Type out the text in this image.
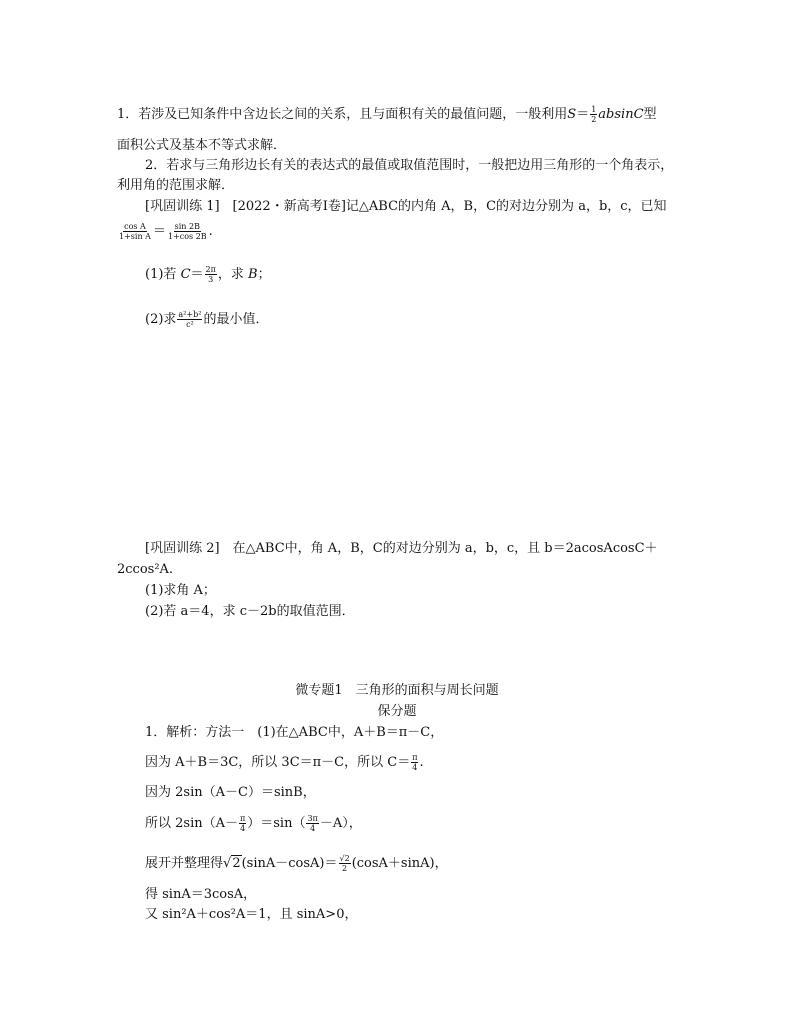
1．若涉及已知条件中含边长之间的关系，且与面积有关的最值问题，一般利用$S= \frac{1}{2}$ absinC型
面积公式及基本不等式求解．
2．若求与三角形边长有关的表达式的最值或取值范围时，一般把边用三角形的一个角表示，
利用角的范围求解．
[巩固训练 1]　[2022・新高考Ⅰ卷]记△ABC的内角 A，B，C的对边分别为 a，b，c，已知
$\frac{\text{cos A}}{\text{1+sin A}} = \frac{\sin 2B}{1+\cos 2B}$ .
(1)若 $C= \frac{2\pi}{3}$ ，求 B；
(2)求 $\frac{\text{a²+b²}}{\text{c²}}$ 的最小值．
[巩固训练 2]　在△ABC中，角 A，B，C的对边分别为 a，b，c，且 b＝2acosAcosC＋
2ccos²A.
(1)求角 A；
(2)若 a＝4，求 c－2b的取值范围．
微专题1　三角形的面积与周长问题
保分题
1．解析：方法一　(1)在△ABC中，A＋B＝π－C，
因为 A＋B＝3C，所以 3C＝π－C，所以 $C= \frac{\pi}{4}$ .
因为 2sin（A－C）＝sinB，
所以 $2\sin(A- \frac{\pi}{4} )=\sin( \frac{3\pi}{4} -A)$，
展开并整理得$√2(\sin A-\cos A)= \frac{√2}{2} (\cos A+\sin A)$，
得 sinA＝3cosA，
又 sin²A＋cos²A＝1，且 sinA>0，
